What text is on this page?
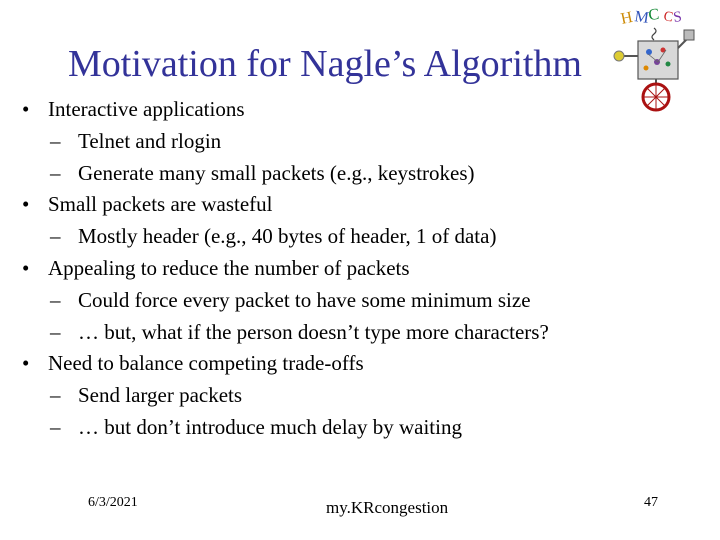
Motivation for Nagle’s Algorithm
• Interactive applications
– Telnet and rlogin
– Generate many small packets (e.g., keystrokes)
• Small packets are wasteful
– Mostly header (e.g., 40 bytes of header, 1 of data)
• Appealing to reduce the number of packets
– Could force every packet to have some minimum size
– … but, what if the person doesn’t type more characters?
• Need to balance competing trade-offs
– Send larger packets
– … but don’t introduce much delay by waiting
H M
C C
S
6/3/2021	my.KRcongestion	47
